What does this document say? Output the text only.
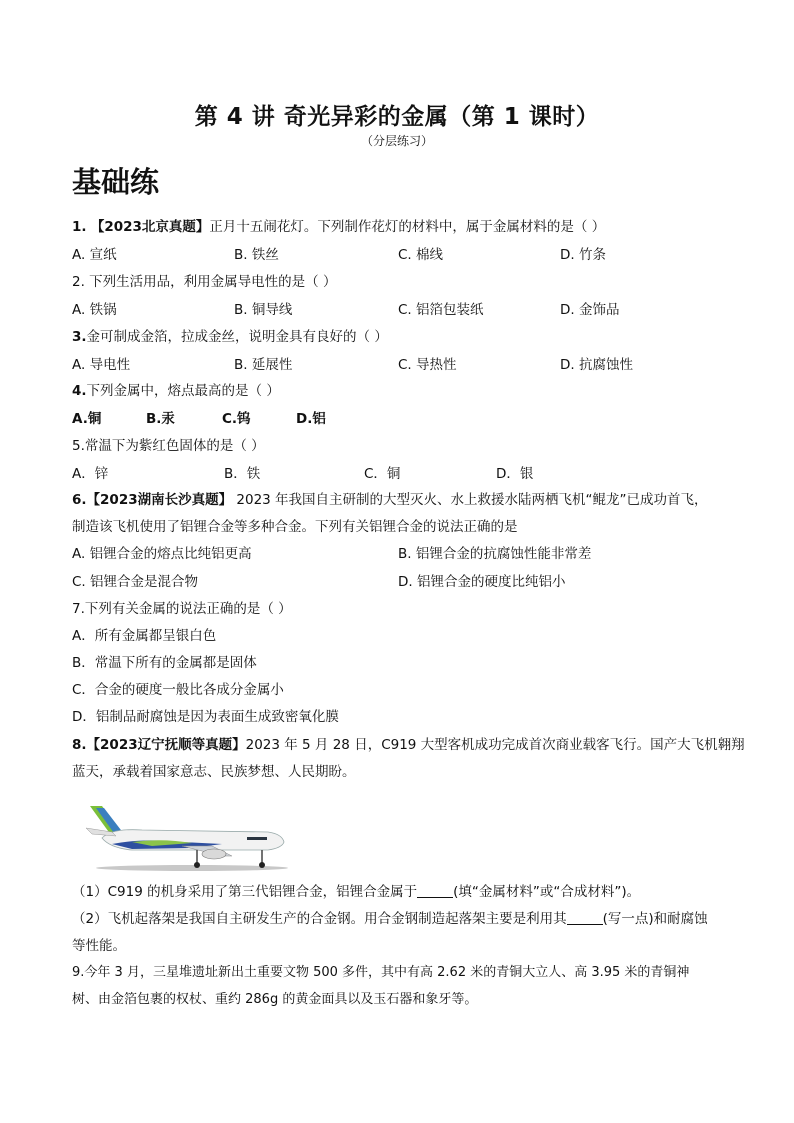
第 4 讲 奇光异彩的金属（第 1 课时）
（分层练习）
基础练
1. 【2023北京真题】正月十五闹花灯。下列制作花灯的材料中，属于金属材料的是（ ）
A. 宣纸	B. 铁丝	C. 棉线	D. 竹条
2. 下列生活用品，利用金属导电性的是（ ）
A. 铁锅	B. 铜导线	C. 铝箔包装纸	D. 金饰品
3.金可制成金箔，拉成金丝，说明金具有良好的（ ）
A. 导电性	B. 延展性	C. 导热性	D. 抗腐蚀性
4.下列金属中，熔点最高的是（ ）
A.铜	B.汞	C.钨	D.铝
5.常温下为紫红色固体的是（ ）
A．锌	B．铁	C．铜	D．银
6.【2023湖南长沙真题】 2023 年我国自主研制的大型灭火、水上救援水陆两栖飞机“鲲龙”已成功首飞，
制造该飞机使用了铝锂合金等多种合金。下列有关铝锂合金的说法正确的是
A. 铝锂合金的熔点比纯铝更高	B. 铝锂合金的抗腐蚀性能非常差
C. 铝锂合金是混合物	D. 铝锂合金的硬度比纯铝小
7.下列有关金属的说法正确的是（ ）
A．所有金属都呈银白色
B．常温下所有的金属都是固体
C．合金的硬度一般比各成分金属小
D．铝制品耐腐蚀是因为表面生成致密氧化膜
8.【2023辽宁抚顺等真题】2023 年 5 月 28 日，C919 大型客机成功完成首次商业载客飞行。国产大飞机翱翔
蓝天，承载着国家意志、民族梦想、人民期盼。
（1）C919 的机身采用了第三代铝锂合金，铝锂合金属于	(填“金属材料”或“合成材料”)。
（2）飞机起落架是我国自主研发生产的合金钢。用合金钢制造起落架主要是利用其	(写一点)和耐腐蚀
等性能。
9.今年 3 月，三星堆遗址新出土重要文物 500 多件，其中有高 2.62 米的青铜大立人、高 3.95 米的青铜神
树、由金箔包裹的权杖、重约 286g 的黄金面具以及玉石器和象牙等。
